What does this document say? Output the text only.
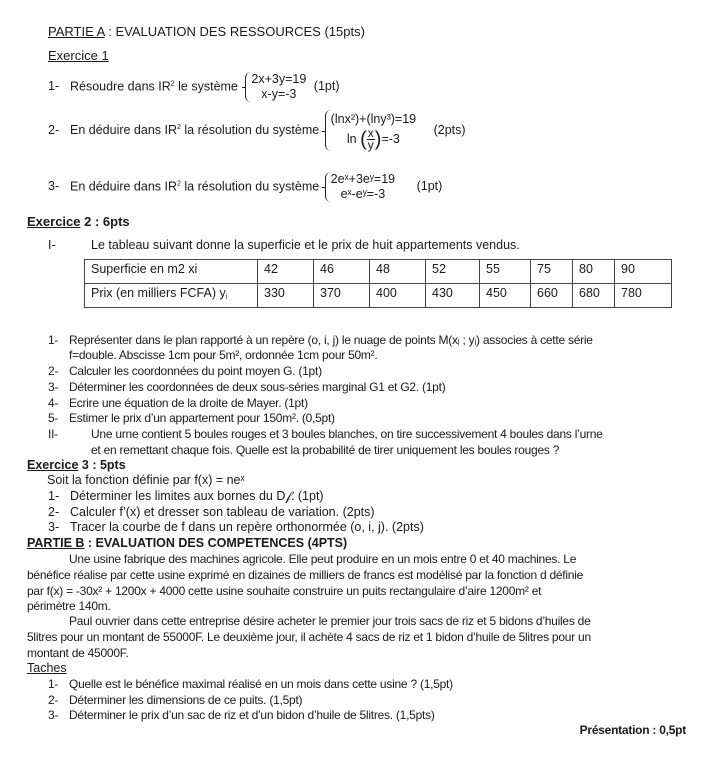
PARTIE A : EVALUATION DES RESSOURCES (15pts)
Exercice 1
1- Résoudre dans $IR^2$ le système
2x+3y=19
x-y=-3
(1pt)
2- En déduire dans $IR^2$ la résolution du système
(lnx²)+(lny³)=19
ln ( $\frac{x}{y} )=-3$
(2pts)
3- En déduire dans $IR^2$ la résolution du système
2eˣ+3eʸ=19
eˣ-eʸ=-3
(1pt)
Exercice 2 : 6pts
I-	Le tableau suivant donne la superficie et le prix de huit appartements vendus.
Superficie en m2 xi	42	46	48	52	55	75	80	90
Prix (en milliers FCFA) $y_i$	330	370	400	430	450	660	680	780
1- Représenter dans le plan rapporté à un repère (o, i, j) le nuage de points M(xᵢ ; yᵢ) associes à cette série
f=double. Abscisse 1cm pour 5m², ordonnée 1cm pour 50m².
2- Calculer les coordonnées du point moyen G. (1pt)
3- Déterminer les coordonnées de deux sous-séries marginal G1 et G2. (1pt)
4- Ecrire une équation de la droite de Mayer. (1pt)
5- Estimer le prix d’un appartement pour 150m². (0,5pt)
II-	Une urne contient 5 boules rouges et 3 boules blanches, on tire successivement 4 boules dans l’urne
et en remettant chaque fois. Quelle est la probabilité de tirer uniquement les boules rouges ?
Exercice 3 : 5pts
Soit la fonction définie par f(x) = neˣ
1- Déterminer les limites aux bornes du D𝒻. (1pt)
2- Calculer f’(x) et dresser son tableau de variation. (2pts)
3- Tracer la courbe de f dans un repère orthonormée (o, i, j). (2pts)
PARTIE B : EVALUATION DES COMPETENCES (4PTS)
Une usine fabrique des machines agricole. Elle peut produire en un mois entre 0 et 40 machines. Le
bénéfice réalise par cette usine exprimé en dizaines de milliers de francs est modélisé par la fonction d définie
par f(x) = -30x² + 1200x + 4000 cette usine souhaite construire un puits rectangulaire d’aire 1200m² et
périmètre 140m.
Paul ouvrier dans cette entreprise désire acheter le premier jour trois sacs de riz et 5 bidons d’huiles de
5litres pour un montant de 55000F. Le deuxième jour, il achète 4 sacs de riz et 1 bidon d’huile de 5litres pour un
montant de 45000F.
Taches
1- Quelle est le bénéfice maximal réalisé en un mois dans cette usine ? (1,5pt)
2- Déterminer les dimensions de ce puits. (1,5pt)
3- Déterminer le prix d’un sac de riz et d’un bidon d’huile de 5litres. (1,5pts)
Présentation : 0,5pt
